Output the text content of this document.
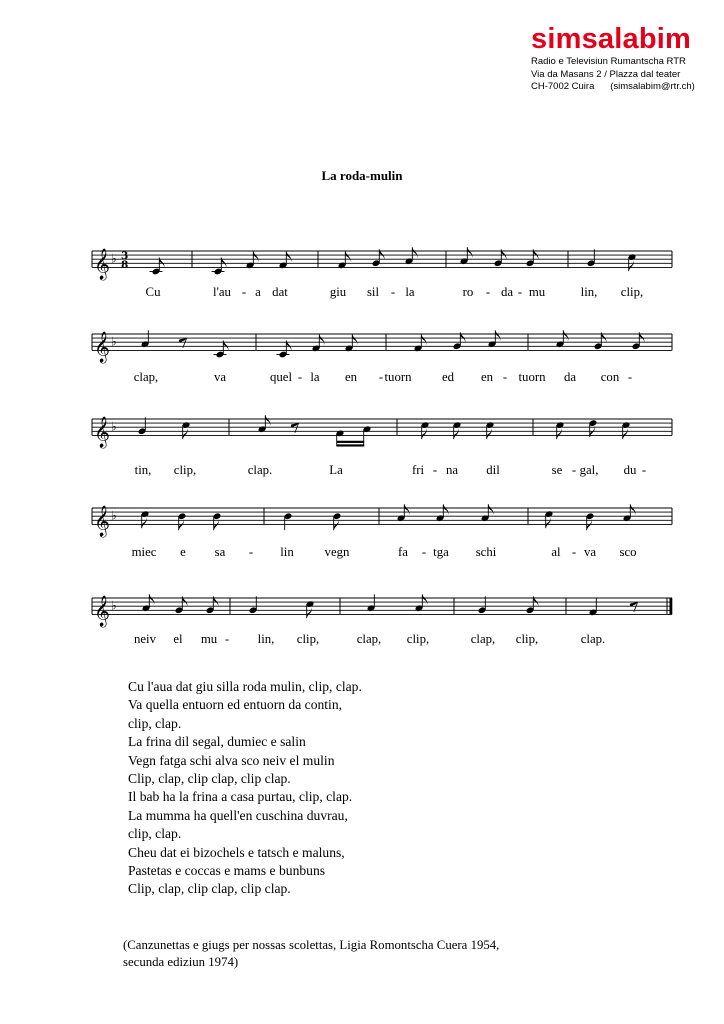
simsalabim
Radio e Televisiun Rumantscha RTR
Via da Masans 2 / Plazza dal teater
CH-7002 Cuira      (simsalabim@rtr.ch)
La roda-mulin
𝄞 ♭ 3
8
Cu	l'au - a dat	giu sil - la	ro - da - mu	lin, clip,
𝄞 ♭
clap,	va	quel - la en - tuorn ed en - tuorn da con -
𝄞 ♭
tin, clip,	clap.	La	fri - na dil	se - gal, du -
𝄞 ♭
miec e sa - lin vegn	fa - tga schi	al - va sco
𝄞 ♭
neiv el mu - lin, clip,	clap, clip,	clap, clip,	clap.
Cu l'aua dat giu silla roda mulin, clip, clap.
Va quella entuorn ed entuorn da contin,
clip, clap.
La frina dil segal, dumiec e salin
Vegn fatga schi alva sco neiv el mulin
Clip, clap, clip clap, clip clap.
Il bab ha la frina a casa purtau, clip, clap.
La mumma ha quell'en cuschina duvrau,
clip, clap.
Cheu dat ei bizochels e tatsch e maluns,
Pastetas e coccas e mams e bunbuns
Clip, clap, clip clap, clip clap.
(Canzunettas e giugs per nossas scolettas, Ligia Romontscha Cuera 1954,
secunda ediziun 1974)
